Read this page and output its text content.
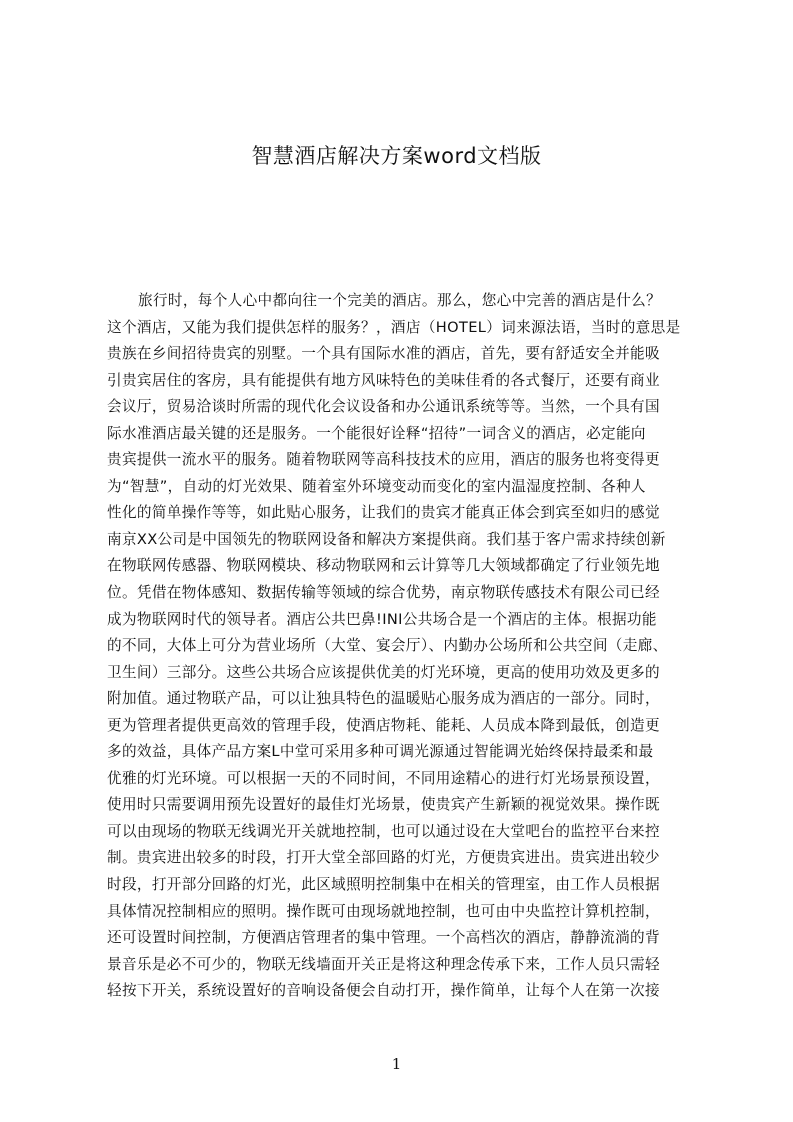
智慧酒店解决方案word文档版
旅行时，每个人心中都向往一个完美的酒店。那么，您心中完善的酒店是什么？
这个酒店，又能为我们提供怎样的服务？，酒店（HOTEL）词来源法语，当时的意思是
贵族在乡间招待贵宾的别墅。一个具有国际水准的酒店，首先，要有舒适安全并能吸
引贵宾居住的客房，具有能提供有地方风味特色的美味佳肴的各式餐厅，还要有商业
会议厅，贸易洽谈时所需的现代化会议设备和办公通讯系统等等。当然，一个具有国
际水准酒店最关键的还是服务。一个能很好诠释“招待”一词含义的酒店，必定能向
贵宾提供一流水平的服务。随着物联网等高科技技术的应用，酒店的服务也将变得更
为“智慧”，自动的灯光效果、随着室外环境变动而变化的室内温湿度控制、各种人
性化的简单操作等等，如此贴心服务，让我们的贵宾才能真正体会到宾至如归的感觉
南京XX公司是中国领先的物联网设备和解决方案提供商。我们基于客户需求持续创新
在物联网传感器、物联网模块、移动物联网和云计算等几大领域都确定了行业领先地
位。凭借在物体感知、数据传输等领域的综合优势，南京物联传感技术有限公司已经
成为物联网时代的领导者。酒店公共巴鼻!INI公共场合是一个酒店的主体。根据功能
的不同，大体上可分为营业场所（大堂、宴会厅）、内勤办公场所和公共空间（走廊、
卫生间）三部分。这些公共场合应该提供优美的灯光环境，更高的使用功效及更多的
附加值。通过物联产品，可以让独具特色的温暖贴心服务成为酒店的一部分。同时，
更为管理者提供更高效的管理手段，使酒店物耗、能耗、人员成本降到最低，创造更
多的效益，具体产品方案L中堂可采用多种可调光源通过智能调光始终保持最柔和最
优雅的灯光环境。可以根据一天的不同时间，不同用途精心的进行灯光场景预设置，
使用时只需要调用预先设置好的最佳灯光场景，使贵宾产生新颖的视觉效果。操作既
可以由现场的物联无线调光开关就地控制，也可以通过设在大堂吧台的监控平台来控
制。贵宾进出较多的时段，打开大堂全部回路的灯光，方便贵宾进出。贵宾进出较少
时段，打开部分回路的灯光，此区域照明控制集中在相关的管理室，由工作人员根据
具体情况控制相应的照明。操作既可由现场就地控制，也可由中央监控计算机控制，
还可设置时间控制，方便酒店管理者的集中管理。一个高档次的酒店，静静流淌的背
景音乐是必不可少的，物联无线墙面开关正是将这种理念传承下来，工作人员只需轻
轻按下开关，系统设置好的音响设备便会自动打开，操作简单，让每个人在第一次接
1
